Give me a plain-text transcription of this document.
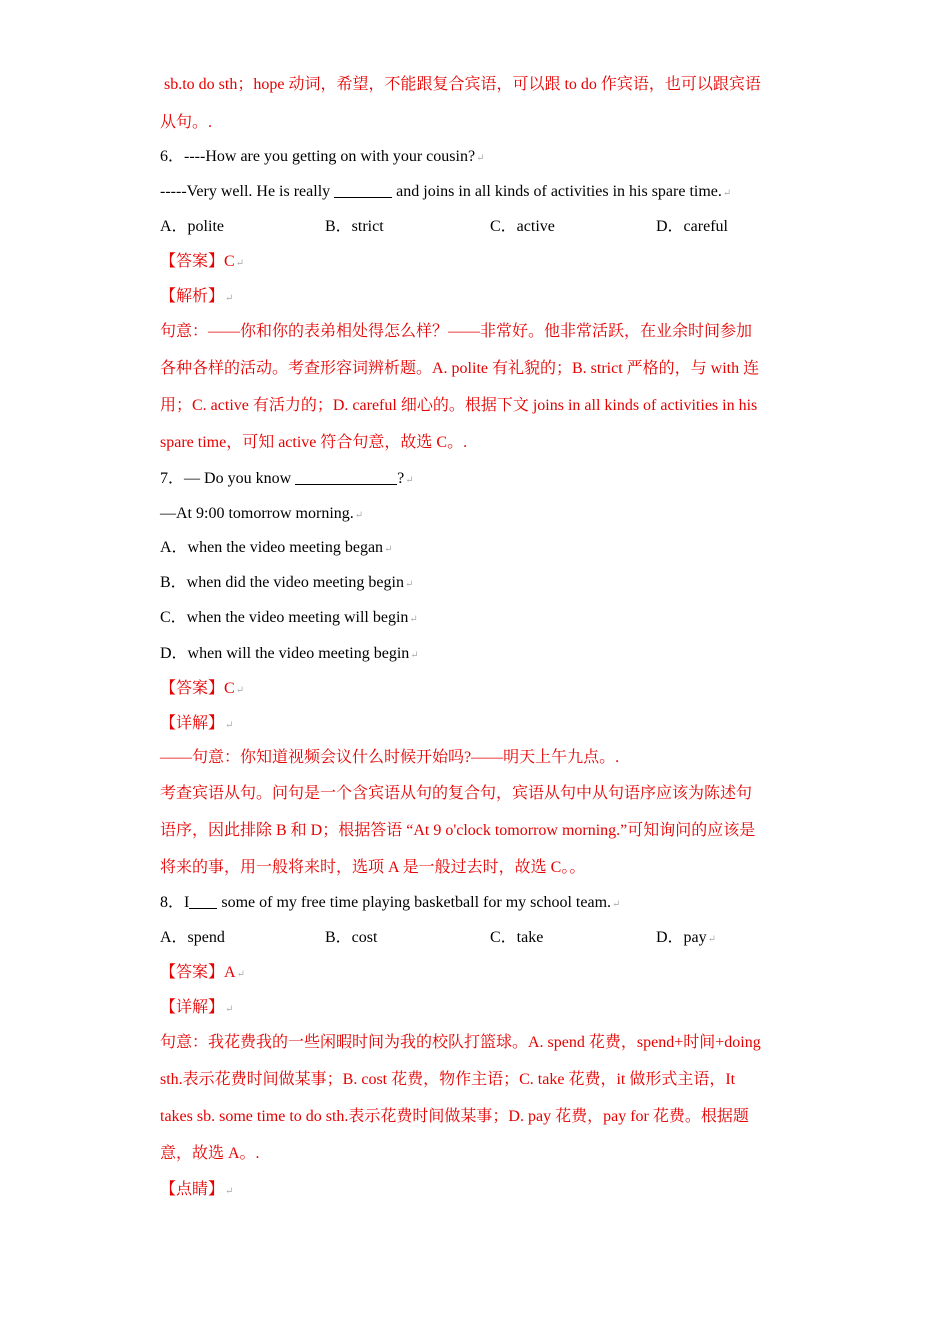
sb.to do sth；hope 动词，希望，不能跟复合宾语，可以跟 to do 作宾语，也可以跟宾语
从句。.
6．----How are you getting on with your cousin?↵
-----Very well. He is really	and joins in all kinds of activities in his spare time.↵
A．polite	B．strict	C．active	D．careful
【答案】C↵
【解析】↵
句意：——你和你的表弟相处得怎么样？——非常好。他非常活跃，在业余时间参加
各种各样的活动。考查形容词辨析题。A. polite 有礼貌的；B. strict 严格的，与 with 连
用；C. active 有活力的；D. careful 细心的。根据下文 joins in all kinds of activities in his
spare time，可知 active 符合句意，故选 C。.
7．— Do you know	?↵
—At 9:00 tomorrow morning.↵
A．when the video meeting began↵
B．when did the video meeting begin↵
C．when the video meeting will begin↵
D．when will the video meeting begin↵
【答案】C↵
【详解】↵
——句意：你知道视频会议什么时候开始吗?——明天上午九点。.
考查宾语从句。问句是一个含宾语从句的复合句，宾语从句中从句语序应该为陈述句
语序，因此排除 B 和 D；根据答语 “At 9 o'clock tomorrow morning.”可知询问的应该是
将来的事，用一般将来时，选项 A 是一般过去时，故选 C。。
8．I some of my free time playing basketball for my school team.↵
A．spend	B．cost	C．take	D．pay↵
【答案】A↵
【详解】↵
句意：我花费我的一些闲暇时间为我的校队打篮球。A. spend 花费，spend+时间+doing
sth.表示花费时间做某事；B. cost 花费，物作主语；C. take 花费，it 做形式主语，It
takes sb. some time to do sth.表示花费时间做某事；D. pay 花费，pay for 花费。根据题
意，故选 A。.
【点睛】↵
